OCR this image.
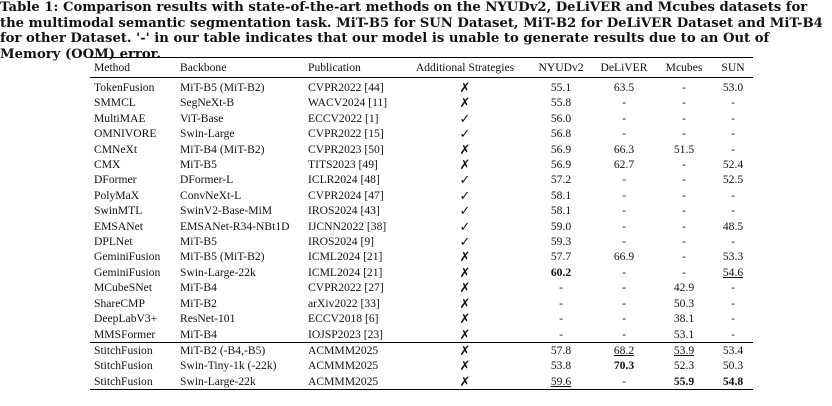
Table 1: Comparison results with state-of-the-art methods on the NYUDv2, DeLiVER and Mcubes datasets for the multimodal semantic segmentation task. MiT-B5 for SUN Dataset, MiT-B2 for DeLiVER Dataset and MiT-B4 for other Dataset. '-' in our table indicates that our model is unable to generate results due to an Out of Memory (OOM) error.
Method	Backbone	Publication	Additional Strategies	NYUDv2	DeLiVER	Mcubes	SUN
TokenFusion	MiT-B5 (MiT-B2)	CVPR2022 [44]	✗	55.1	63.5	-	53.0
SMMCL	SegNeXt-B	WACV2024 [11]	✗	55.8	-	-	-
MultiMAE	ViT-Base	ECCV2022 [1]	✓	56.0	-	-	-
OMNIVORE	Swin-Large	CVPR2022 [15]	✓	56.8	-	-	-
CMNeXt	MiT-B4 (MiT-B2)	CVPR2023 [50]	✗	56.9	66.3	51.5	-
CMX	MiT-B5	TITS2023 [49]	✗	56.9	62.7	-	52.4
DFormer	DFormer-L	ICLR2024 [48]	✓	57.2	-	-	52.5
PolyMaX	ConvNeXt-L	CVPR2024 [47]	✓	58.1	-	-	-
SwinMTL	SwinV2-Base-MiM	IROS2024 [43]	✓	58.1	-	-	-
EMSANet	EMSANet-R34-NBt1D	IJCNN2022 [38]	✓	59.0	-	-	48.5
DPLNet	MiT-B5	IROS2024 [9]	✓	59.3	-	-	-
GeminiFusion	MiT-B5 (MiT-B2)	ICML2024 [21]	✗	57.7	66.9	-	53.3
GeminiFusion	Swin-Large-22k	ICML2024 [21]	✗	60.2	-	-	54.6
MCubeSNet	MiT-B4	CVPR2022 [27]	✗	-	-	42.9	-
ShareCMP	MiT-B2	arXiv2022 [33]	✗	-	-	50.3	-
DeepLabV3+	ResNet-101	ECCV2018 [6]	✗	-	-	38.1	-
MMSFormer	MiT-B4	IOJSP2023 [23]	✗	-	-	53.1	-
StitchFusion	MiT-B2 (-B4,-B5)	ACMMM2025	✗	57.8	68.2	53.9	53.4
StitchFusion	Swin-Tiny-1k (-22k)	ACMMM2025	✗	53.8	70.3	52.3	50.3
StitchFusion	Swin-Large-22k	ACMMM2025	✗	59.6	-	55.9	54.8
